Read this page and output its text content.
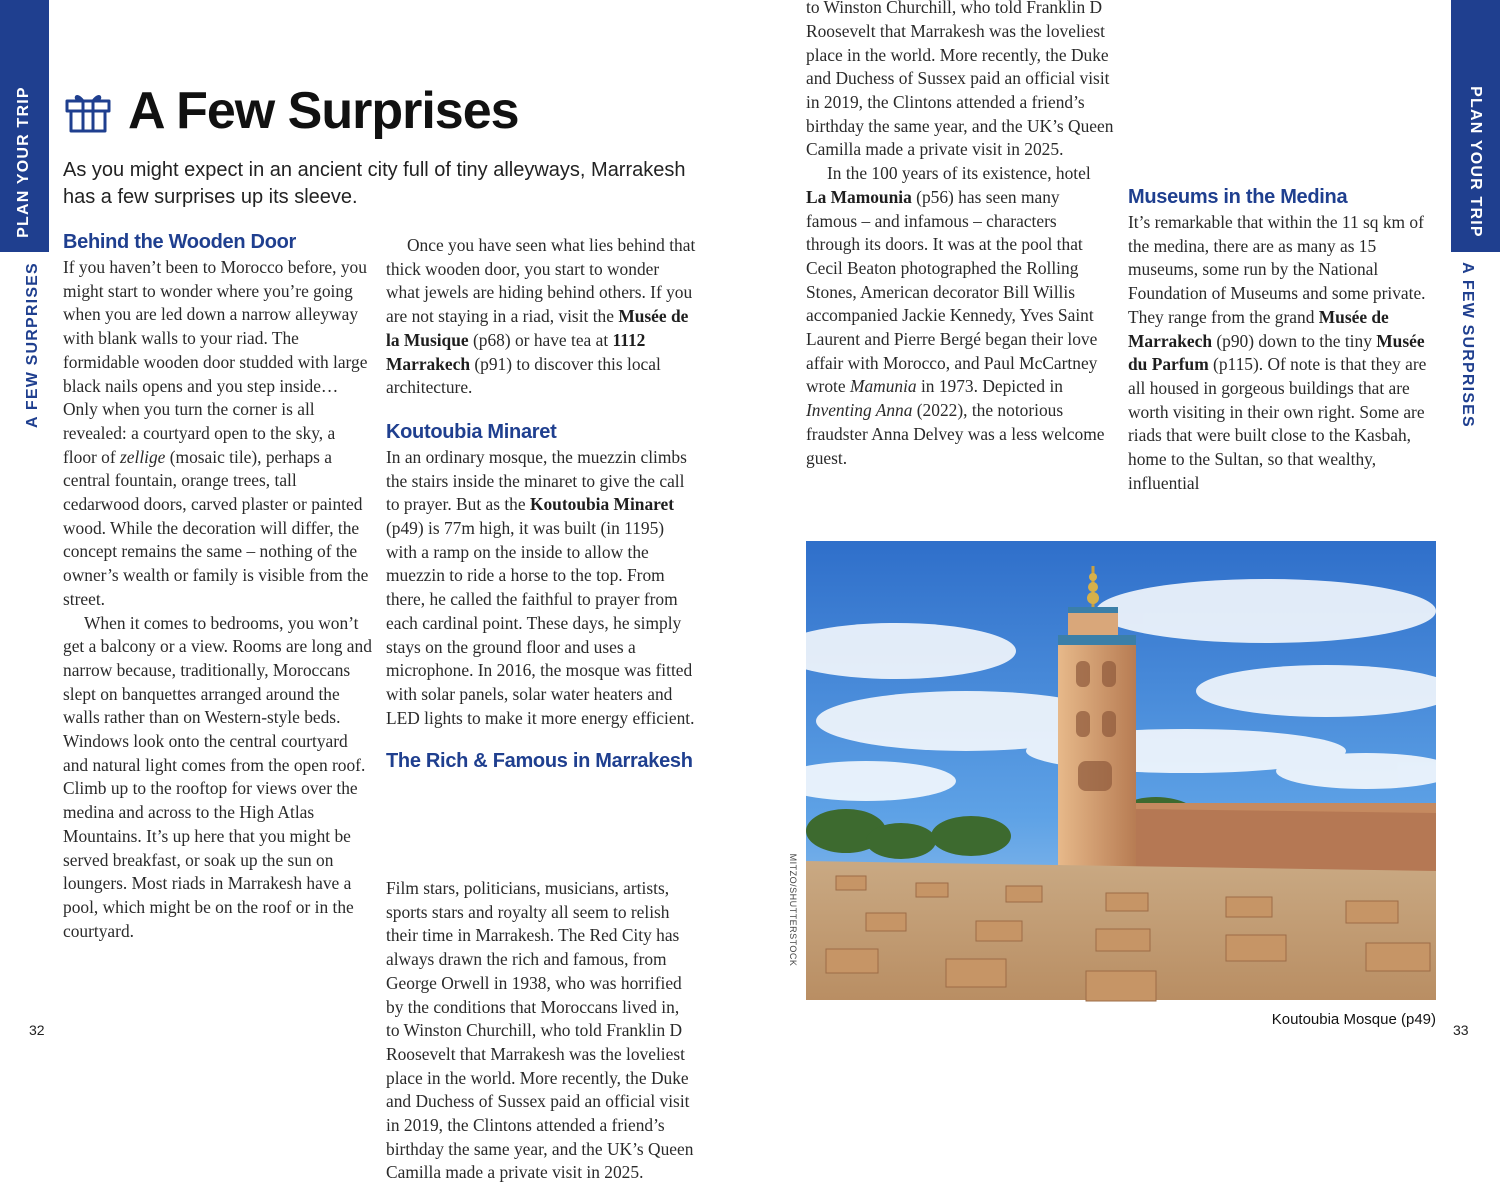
PLAN YOUR TRIP
A FEW SURPRISES
PLAN YOUR TRIP
A FEW SURPRISES
A Few Surprises

As you might expect in an ancient city full of tiny alleyways, Marrakesh has a few surprises up its sleeve.

Behind the Wooden Door

If you haven’t been to Morocco before, you might start to wonder where you’re going when you are led down a narrow alleyway with blank walls to your riad. The formidable wooden door studded with large black nails opens and you step inside… Only when you turn the corner is all revealed: a courtyard open to the sky, a floor of zellige (mosaic tile), perhaps a central fountain, orange trees, tall cedarwood doors, carved plaster or painted wood. While the decoration will differ, the concept remains the same – nothing of the owner’s wealth or family is visible from the street.

When it comes to bedrooms, you won’t get a balcony or a view. Rooms are long and narrow because, traditionally, Moroccans slept on banquettes arranged around the walls rather than on Western-style beds. Windows look onto the central courtyard and natural light comes from the open roof. Climb up to the rooftop for views over the medina and across to the High Atlas Mountains. It’s up here that you might be served breakfast, or soak up the sun on loungers. Most riads in Marrakesh have a pool, which might be on the roof or in the courtyard.

Once you have seen what lies behind that thick wooden door, you start to wonder what jewels are hiding behind others. If you are not staying in a riad, visit the Musée de la Musique (p68) or have tea at 1112 Marrakech (p91) to discover this local architecture.

Koutoubia Minaret

In an ordinary mosque, the muezzin climbs the stairs inside the minaret to give the call to prayer. But as the Koutoubia Minaret (p49) is 77m high, it was built (in 1195) with a ramp on the inside to allow the muezzin to ride a horse to the top. From there, he called the faithful to prayer from each cardinal point. These days, he simply stays on the ground floor and uses a microphone. In 2016, the mosque was fitted with solar panels, solar water heaters and LED lights to make it more energy efficient.

The Rich & Famous in Marrakesh

Film stars, politicians, musicians, artists, sports stars and royalty all seem to relish their time in Marrakesh. The Red City has always drawn the rich and famous, from George Orwell in 1938, who was horrified by the conditions that Moroccans lived in, to Winston Churchill, who told Franklin D Roosevelt that Marrakesh was the loveliest place in the world. More recently, the Duke and Duchess of Sussex paid an official visit in 2019, the Clintons attended a friend’s birthday the same year, and the UK’s Queen Camilla made a private visit in 2025.

to Winston Churchill, who told Franklin D Roosevelt that Marrakesh was the loveliest place in the world. More recently, the Duke and Duchess of Sussex paid an official visit in 2019, the Clintons attended a friend’s birthday the same year, and the UK’s Queen Camilla made a private visit in 2025.

In the 100 years of its existence, hotel La Mamounia (p56) has seen many famous – and infamous – characters through its doors. It was at the pool that Cecil Beaton photographed the Rolling Stones, American decorator Bill Willis accompanied Jackie Kennedy, Yves Saint Laurent and Pierre Bergé began their love affair with Morocco, and Paul McCartney wrote Mamunia in 1973. Depicted in Inventing Anna (2022), the notorious fraudster Anna Delvey was a less welcome guest.

Museums in the Medina

It’s remarkable that within the 11 sq km of the medina, there are as many as 15 museums, some run by the National Foundation of Museums and some private. They range from the grand Musée de Marrakech (p90) down to the tiny Musée du Parfum (p115). Of note is that they are all housed in gorgeous buildings that are worth visiting in their own right. Some are riads that were built close to the Kasbah, home to the Sultan, so that wealthy, influential

MITZO/SHUTTERSTOCK
Koutoubia Mosque (p49)
32	33
